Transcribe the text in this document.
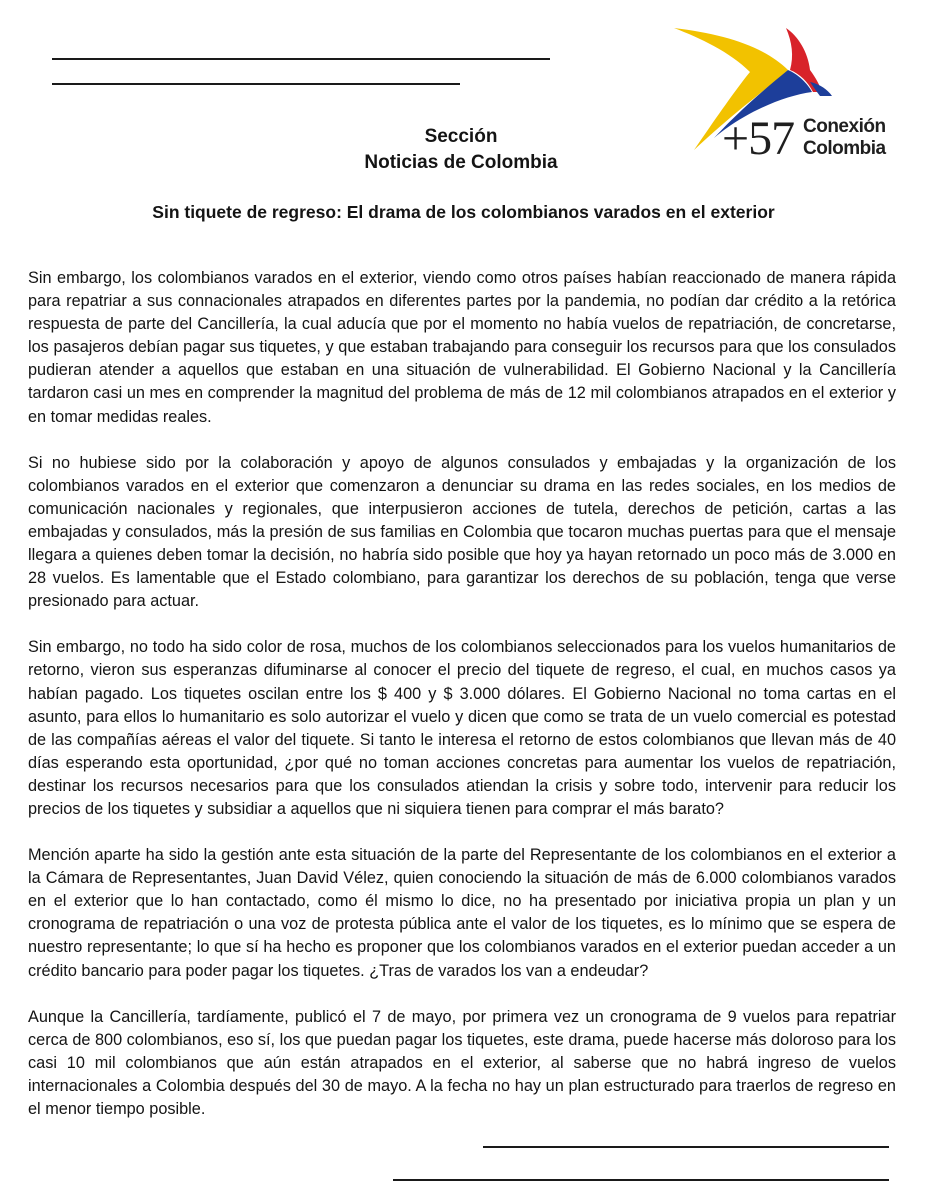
Sección
Noticias de Colombia	+57 Conexión
Colombia
Sin tiquete de regreso: El drama de los colombianos varados en el exterior

Sin embargo, los colombianos varados en el exterior, viendo como otros países habían reaccionado de manera rápida para repatriar a sus connacionales atrapados en diferentes partes por la pandemia, no podían dar crédito a la retórica respuesta de parte del Cancillería, la cual aducía que por el momento no había vuelos de repatriación, de concretarse, los pasajeros debían pagar sus tiquetes, y que estaban trabajando para conseguir los recursos para que los consulados pudieran atender a aquellos que estaban en una situación de vulnerabilidad. El Gobierno Nacional y la Cancillería tardaron casi un mes en comprender la magnitud del problema de más de 12 mil colombianos atrapados en el exterior y en tomar medidas reales.

Si no hubiese sido por la colaboración y apoyo de algunos consulados y embajadas y la organización de los colombianos varados en el exterior que comenzaron a denunciar su drama en las redes sociales, en los medios de comunicación nacionales y regionales, que interpusieron acciones de tutela, derechos de petición, cartas a las embajadas y consulados, más la presión de sus familias en Colombia que tocaron muchas puertas para que el mensaje llegara a quienes deben tomar la decisión, no habría sido posible que hoy ya hayan retornado un poco más de 3.000 en 28 vuelos. Es lamentable que el Estado colombiano, para garantizar los derechos de su población, tenga que verse presionado para actuar.

Sin embargo, no todo ha sido color de rosa, muchos de los colombianos seleccionados para los vuelos humanitarios de retorno, vieron sus esperanzas difuminarse al conocer el precio del tiquete de regreso, el cual, en muchos casos ya habían pagado. Los tiquetes oscilan entre los $ 400 y $ 3.000 dólares. El Gobierno Nacional no toma cartas en el asunto, para ellos lo humanitario es solo autorizar el vuelo y dicen que como se trata de un vuelo comercial es potestad de las compañías aéreas el valor del tiquete. Si tanto le interesa el retorno de estos colombianos que llevan más de 40 días esperando esta oportunidad, ¿por qué no toman acciones concretas para aumentar los vuelos de repatriación, destinar los recursos necesarios para que los consulados atiendan la crisis y sobre todo, intervenir para reducir los precios de los tiquetes y subsidiar a aquellos que ni siquiera tienen para comprar el más barato?

Mención aparte ha sido la gestión ante esta situación de la parte del Representante de los colombianos en el exterior a la Cámara de Representantes, Juan David Vélez, quien conociendo la situación de más de 6.000 colombianos varados en el exterior que lo han contactado, como él mismo lo dice, no ha presentado por iniciativa propia un plan y un cronograma de repatriación o una voz de protesta pública ante el valor de los tiquetes, es lo mínimo que se espera de nuestro representante; lo que sí ha hecho es proponer que los colombianos varados en el exterior puedan acceder a un crédito bancario para poder pagar los tiquetes. ¿Tras de varados los van a endeudar?

Aunque la Cancillería, tardíamente, publicó el 7 de mayo, por primera vez un cronograma de 9 vuelos para repatriar cerca de 800 colombianos, eso sí, los que puedan pagar los tiquetes, este drama, puede hacerse más doloroso para los casi 10 mil colombianos que aún están atrapados en el exterior, al saberse que no habrá ingreso de vuelos internacionales a Colombia después del 30 de mayo. A la fecha no hay un plan estructurado para traerlos de regreso en el menor tiempo posible.
